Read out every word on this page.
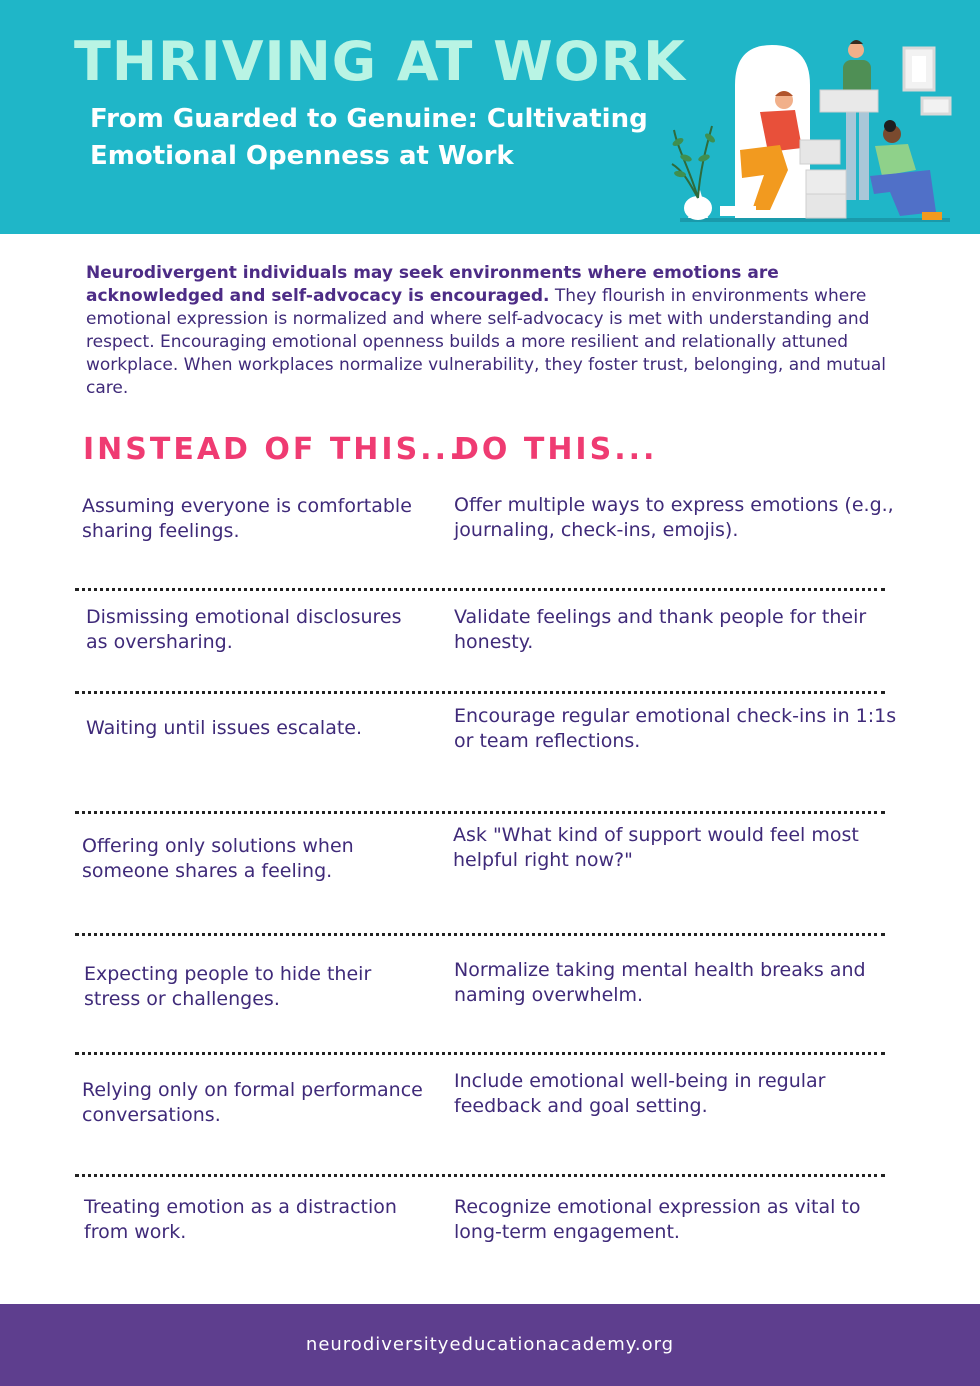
THRIVING AT WORK
From Guarded to Genuine: Cultivating Emotional Openness at Work
Neurodivergent individuals may seek environments where emotions are acknowledged and self-advocacy is encouraged. They flourish in environments where emotional expression is normalized and where self-advocacy is met with understanding and respect. Encouraging emotional openness builds a more resilient and relationally attuned workplace. When workplaces normalize vulnerability, they foster trust, belonging, and mutual care.
INSTEAD OF THIS...
DO THIS...
Assuming everyone is comfortable sharing feelings.
Offer multiple ways to express emotions (e.g., journaling, check-ins, emojis).
Dismissing emotional disclosures as oversharing.
Validate feelings and thank people for their honesty.
Waiting until issues escalate.
Encourage regular emotional check-ins in 1:1s or team reflections.
Offering only solutions when someone shares a feeling.
Ask "What kind of support would feel most helpful right now?"
Expecting people to hide their stress or challenges.
Normalize taking mental health breaks and naming overwhelm.
Relying only on formal performance conversations.
Include emotional well-being in regular feedback and goal setting.
Treating emotion as a distraction from work.
Recognize emotional expression as vital to long-term engagement.
neurodiversityeducationacademy.org
